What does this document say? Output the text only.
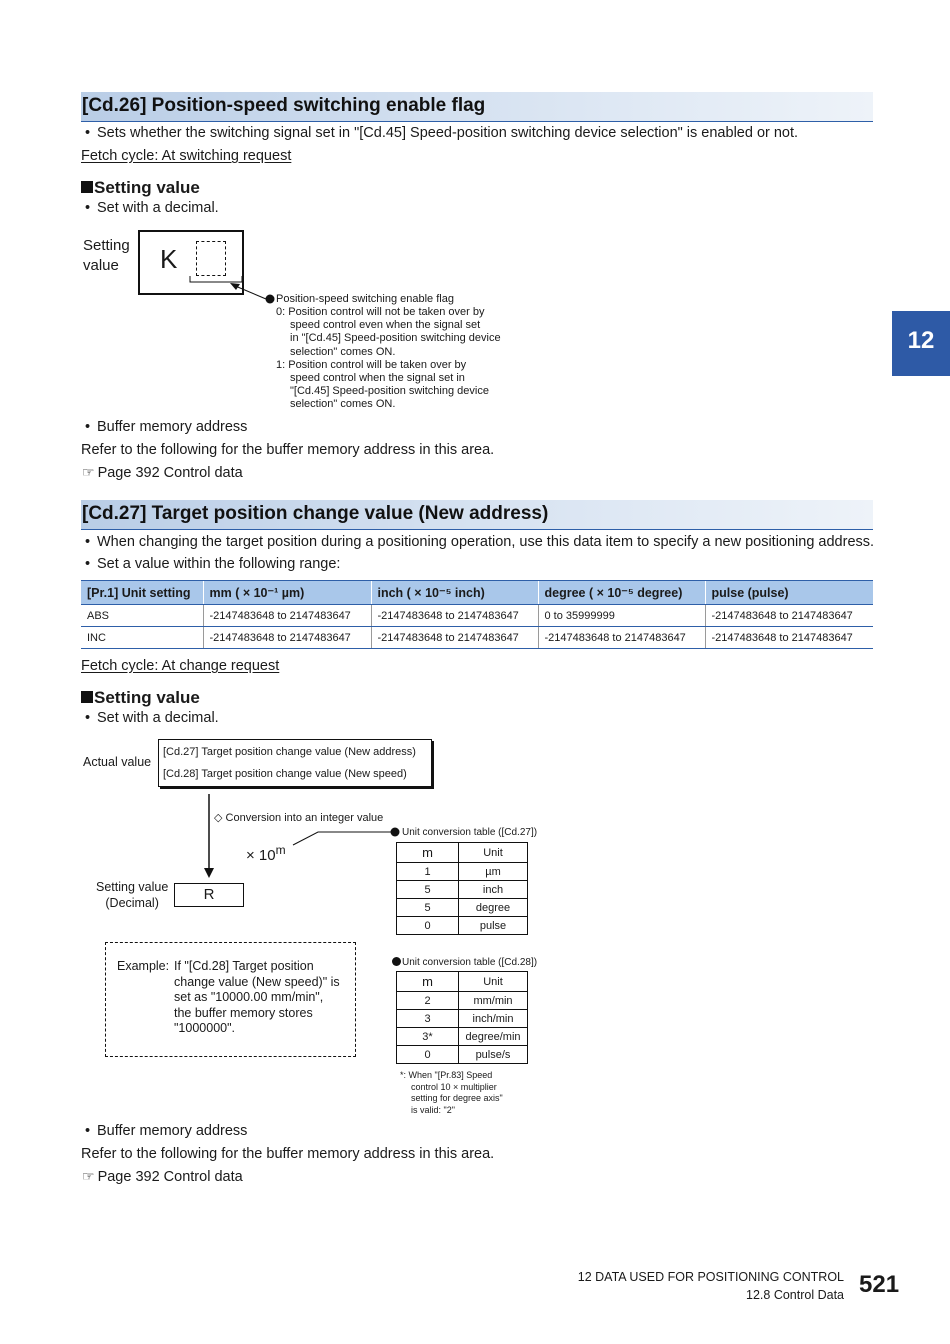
12
[Cd.26] Position-speed switching enable flag
• Sets whether the switching signal set in "[Cd.45] Speed-position switching device selection" is enabled or not.
Fetch cycle: At switching request
Setting value
• Set with a decimal.
Setting
value	K
Position-speed switching enable flag
0: Position control will not be taken over by
speed control even when the signal set
in "[Cd.45] Speed-position switching device
selection" comes ON.
1: Position control will be taken over by
speed control when the signal set in
"[Cd.45] Speed-position switching device
selection" comes ON.
• Buffer memory address
Refer to the following for the buffer memory address in this area.
☞ Page 392 Control data
[Cd.27] Target position change value (New address)
• When changing the target position during a positioning operation, use this data item to specify a new positioning address.
• Set a value within the following range:
[Pr.1] Unit setting	mm ( × 10⁻¹ µm)	inch ( × 10⁻⁵ inch)	degree ( × 10⁻⁵ degree)	pulse (pulse)
ABS	-2147483648 to 2147483647	-2147483648 to 2147483647	0 to 35999999	-2147483648 to 2147483647
INC	-2147483648 to 2147483647	-2147483648 to 2147483647	-2147483648 to 2147483647	-2147483648 to 2147483647
Fetch cycle: At change request
Setting value
• Set with a decimal.
Actual value
[Cd.27] Target position change value (New address)
[Cd.28] Target position change value (New speed)
◇ Conversion into an integer value
× $10^m$
Setting value
(Decimal)	R
Example: If "[Cd.28] Target position
change value (New speed)" is
set as "10000.00 mm/min",
the buffer memory stores
"1000000".
Unit conversion table ([Cd.27])
m	Unit
1	µm
5	inch
5	degree
0	pulse
Unit conversion table ([Cd.28])
m	Unit
2	mm/min
3	inch/min
3*	degree/min
0	pulse/s
*: When "[Pr.83] Speed
control 10 × multiplier
setting for degree axis"
is valid: "2"
• Buffer memory address
Refer to the following for the buffer memory address in this area.
☞ Page 392 Control data
12 DATA USED FOR POSITIONING CONTROL
12.8 Control Data 521
